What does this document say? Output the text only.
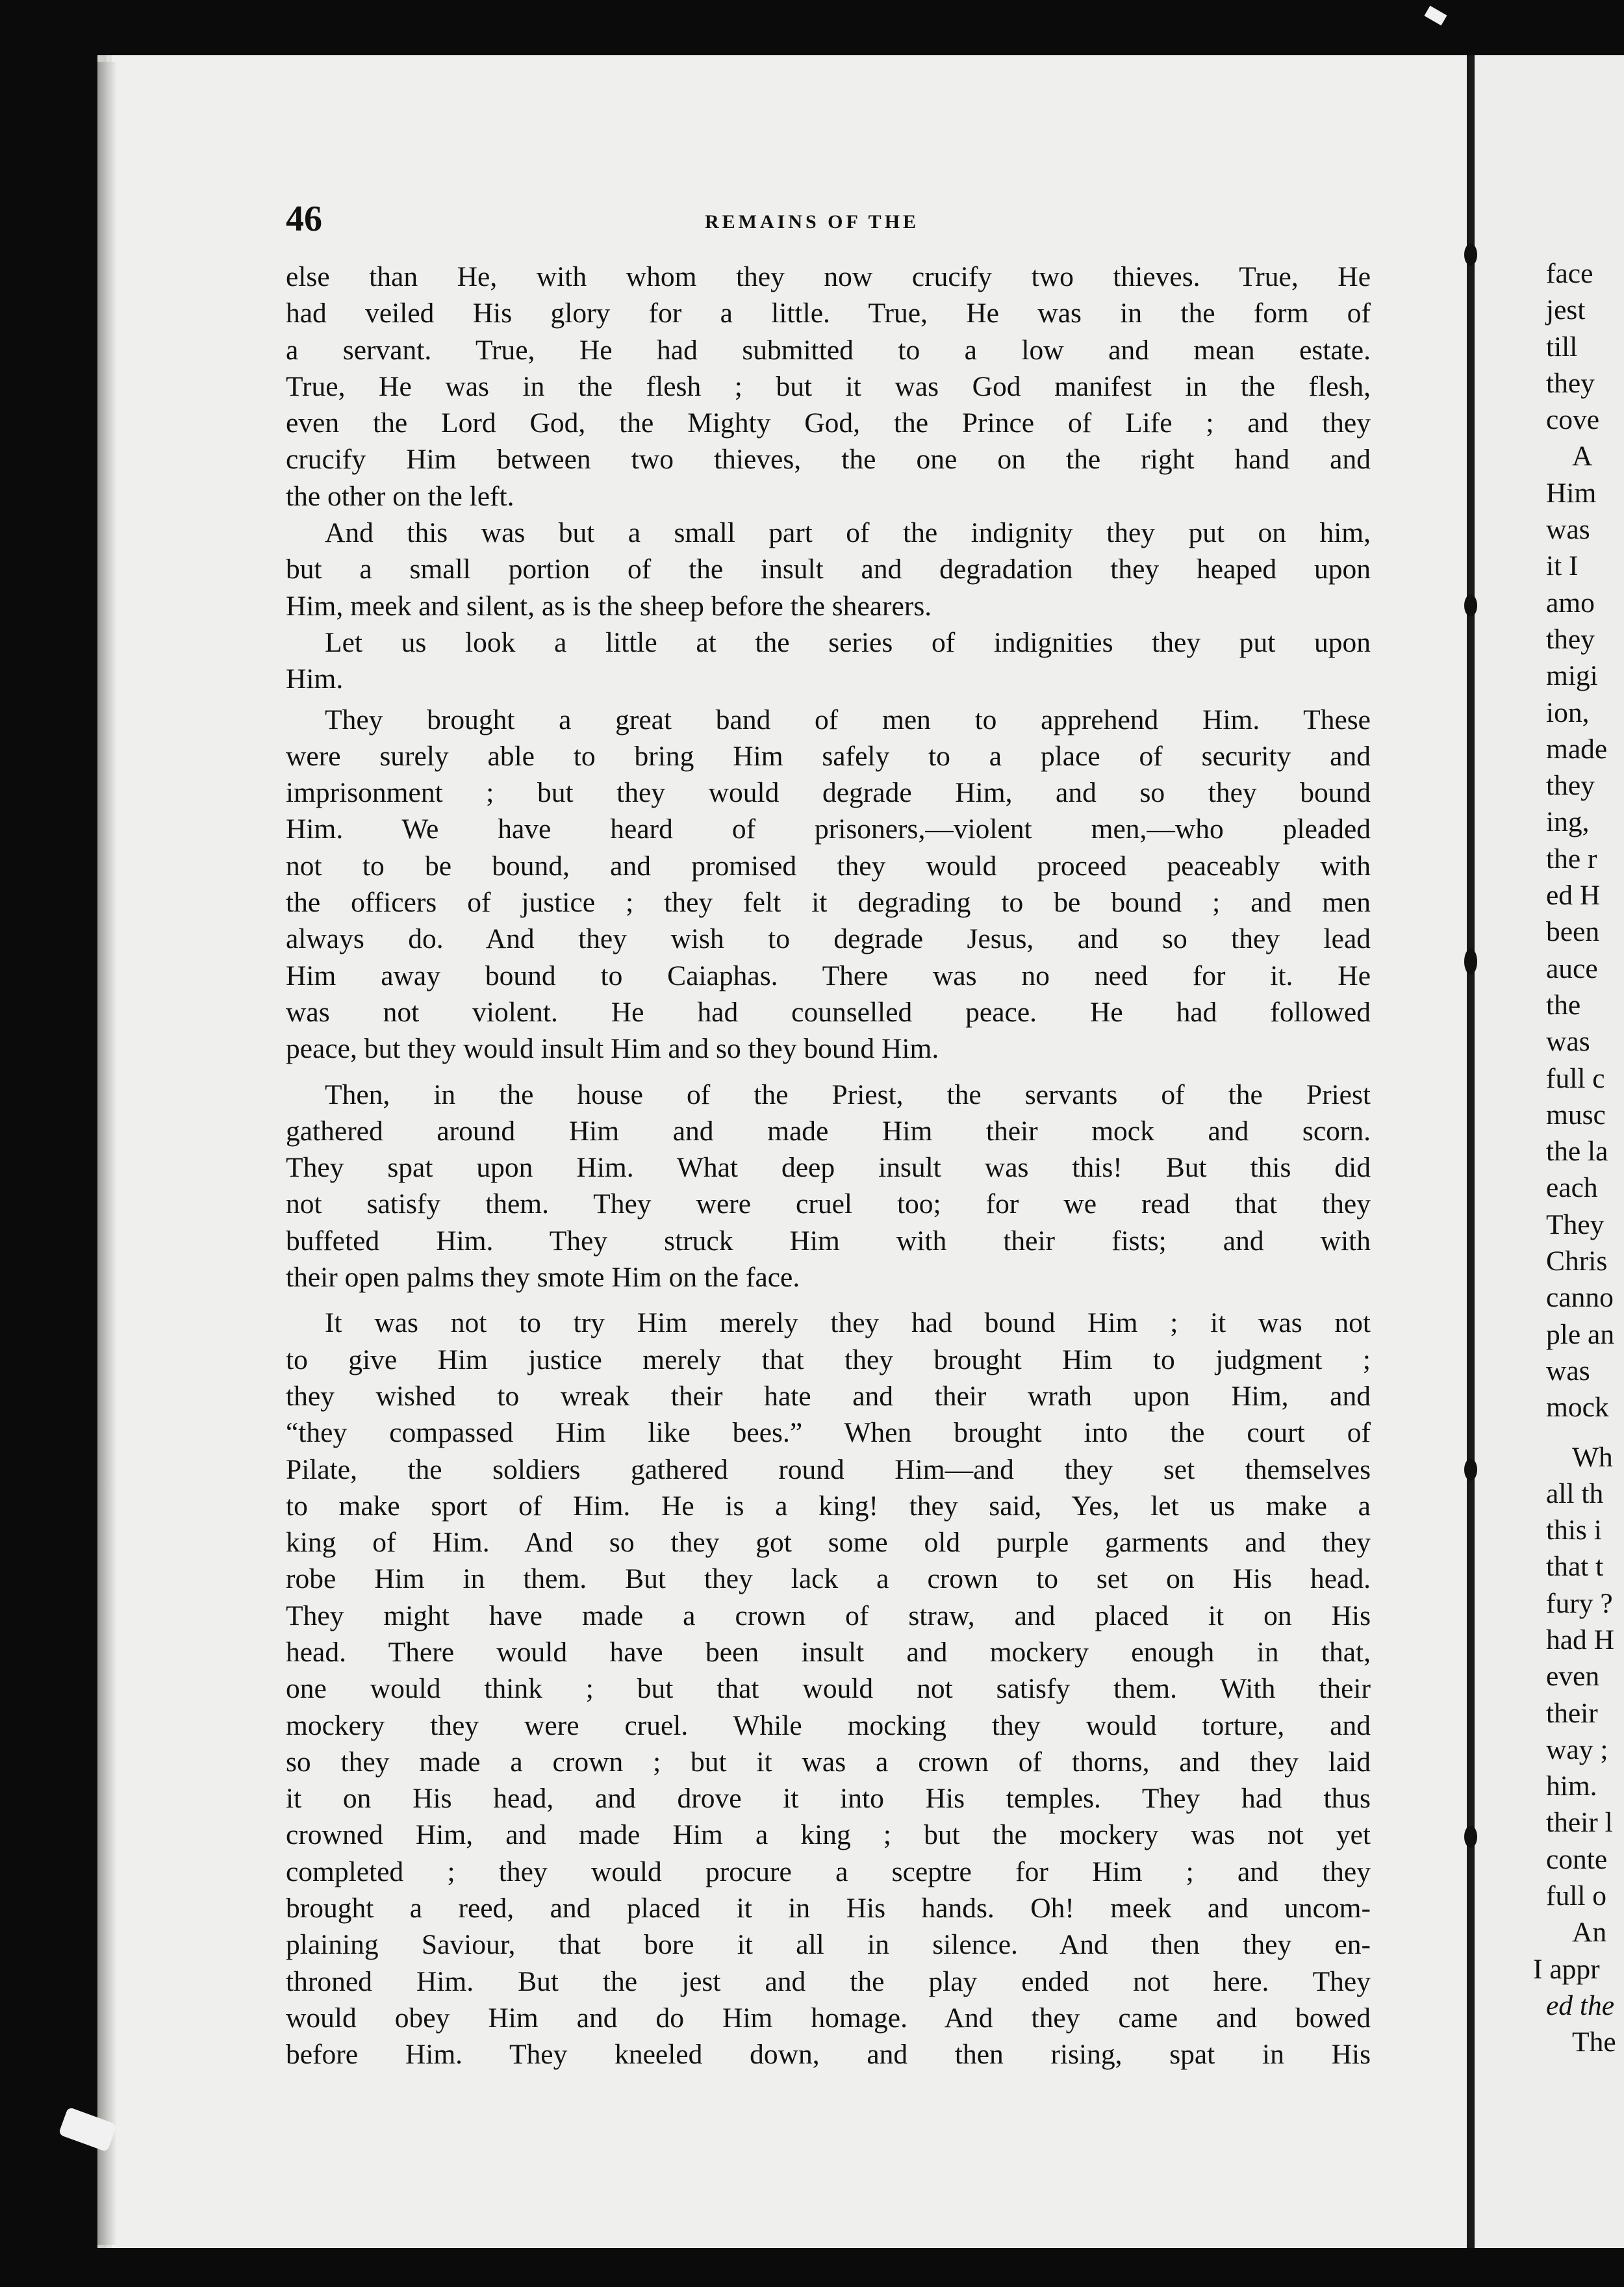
46	REMAINS OF THE
else than He, with whom they now crucify two thieves. True, He
had veiled His glory for a little. True, He was in the form of
a servant. True, He had submitted to a low and mean estate.
True, He was in the flesh ; but it was God manifest in the flesh,
even the Lord God, the Mighty God, the Prince of Life ; and they
crucify Him between two thieves, the one on the right hand and
the other on the left.
And this was but a small part of the indignity they put on him,
but a small portion of the insult and degradation they heaped upon
Him, meek and silent, as is the sheep before the shearers.
Let us look a little at the series of indignities they put upon
Him.
They brought a great band of men to apprehend Him. These
were surely able to bring Him safely to a place of security and
imprisonment ; but they would degrade Him, and so they bound
Him. We have heard of prisoners,—violent men,—who pleaded
not to be bound, and promised they would proceed peaceably with
the officers of justice ; they felt it degrading to be bound ; and men
always do. And they wish to degrade Jesus, and so they lead
Him away bound to Caiaphas. There was no need for it. He
was not violent. He had counselled peace. He had followed
peace, but they would insult Him and so they bound Him.
Then, in the house of the Priest, the servants of the Priest
gathered around Him and made Him their mock and scorn.
They spat upon Him. What deep insult was this! But this did
not satisfy them. They were cruel too; for we read that they
buffeted Him. They struck Him with their fists; and with
their open palms they smote Him on the face.
It was not to try Him merely they had bound Him ; it was not
to give Him justice merely that they brought Him to judgment ;
they wished to wreak their hate and their wrath upon Him, and
“they compassed Him like bees.” When brought into the court of
Pilate, the soldiers gathered round Him—and they set themselves
to make sport of Him. He is a king! they said, Yes, let us make a
king of Him. And so they got some old purple garments and they
robe Him in them. But they lack a crown to set on His head.
They might have made a crown of straw, and placed it on His
head. There would have been insult and mockery enough in that,
one would think ; but that would not satisfy them. With their
mockery they were cruel. While mocking they would torture, and
so they made a crown ; but it was a crown of thorns, and they laid
it on His head, and drove it into His temples. They had thus
crowned Him, and made Him a king ; but the mockery was not yet
completed ; they would procure a sceptre for Him ; and they
brought a reed, and placed it in His hands. Oh! meek and uncom-
plaining Saviour, that bore it all in silence. And then they en-
throned Him. But the jest and the play ended not here. They
would obey Him and do Him homage. And they came and bowed
before Him. They kneeled down, and then rising, spat in His
face
jest
till
they
cove
A
Him
was
it I
amo
they
migi
ion,
made
they
ing,
the r
ed H
been
auce
the
was
full c
musc
the la
each
They
Chris
canno
ple an
was
mock
Wh
all th
this i
that t
fury ?
had H
even
their
way ;
him.
their l
conte
full o
An
I appr
ed the
The
